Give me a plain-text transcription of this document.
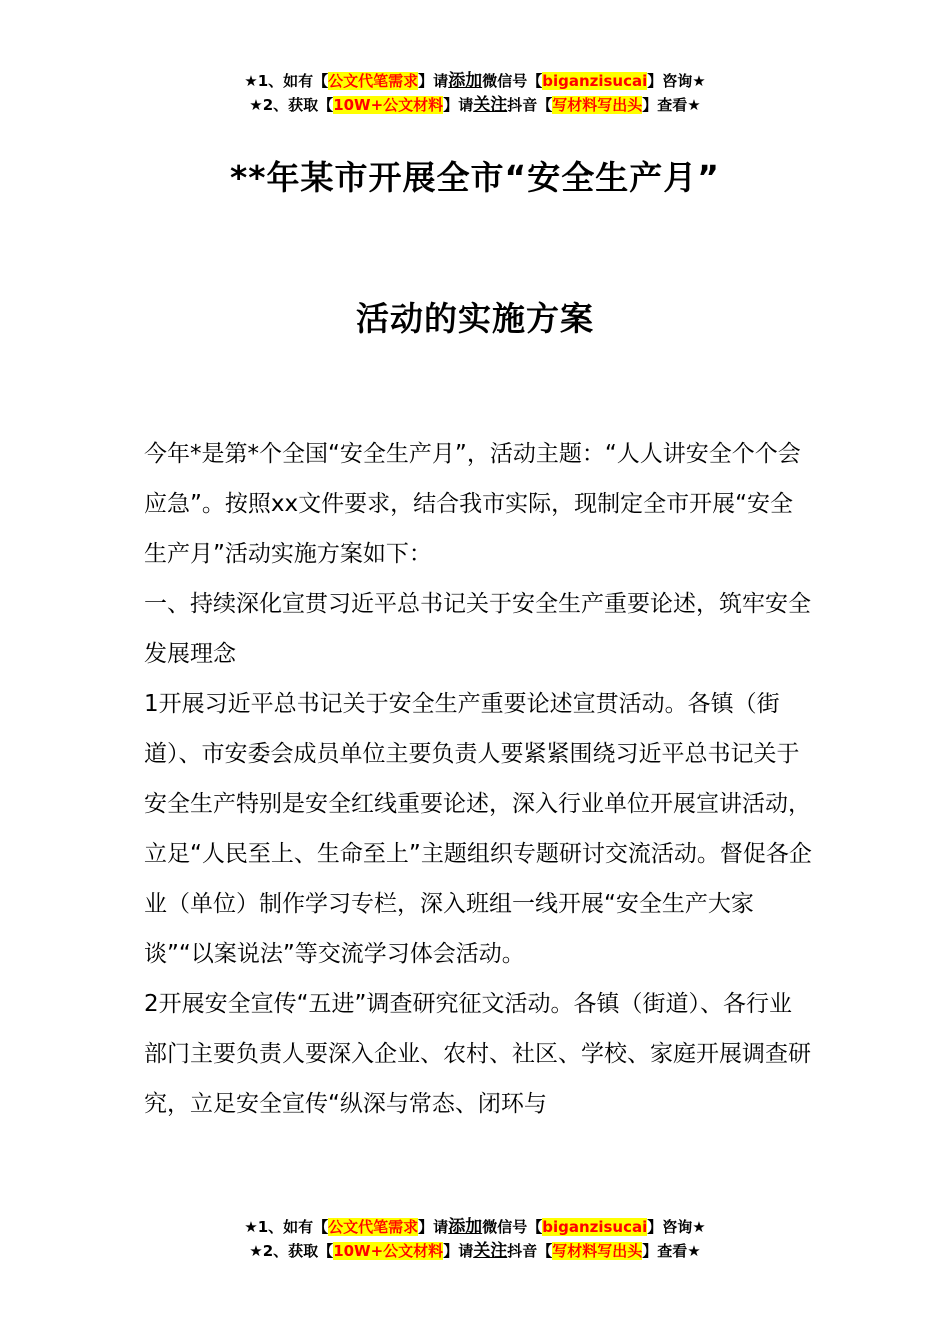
★1、如有【公文代笔需求】请添加微信号【biganzisucai】咨询★
★2、获取【10W+公文材料】请关注抖音【写材料写出头】查看★
**年某市开展全市“安全生产月”
活动的实施方案

今年*是第*个全国“安全生产月”，活动主题：“人人讲安全个个会应急”。按照xx文件要求，结合我市实际，现制定全市开展“安全生产月”活动实施方案如下：

一、持续深化宣贯习近平总书记关于安全生产重要论述，筑牢安全发展理念

1开展习近平总书记关于安全生产重要论述宣贯活动。各镇（街道）、市安委会成员单位主要负责人要紧紧围绕习近平总书记关于安全生产特别是安全红线重要论述，深入行业单位开展宣讲活动，立足“人民至上、生命至上”主题组织专题研讨交流活动。督促各企业（单位）制作学习专栏，深入班组一线开展“安全生产大家谈”“以案说法”等交流学习体会活动。

2开展安全宣传“五进”调查研究征文活动。各镇（街道）、各行业部门主要负责人要深入企业、农村、社区、学校、家庭开展调查研究，立足安全宣传“纵深与常态、闭环与

★1、如有【公文代笔需求】请添加微信号【biganzisucai】咨询★
★2、获取【10W+公文材料】请关注抖音【写材料写出头】查看★
